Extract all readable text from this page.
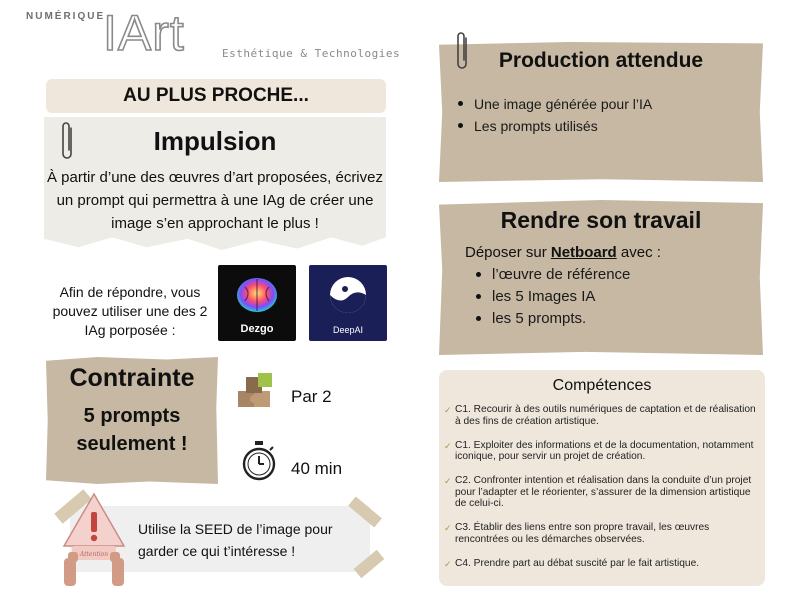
NUMÉRIQUE
IArt	Esthétique & Technologies
AU PLUS PROCHE...
Impulsion
À partir d’une des œuvres d’art proposées, écrivez un prompt qui permettra à une IAg de créer une image s’en approchant le plus !
Afin de répondre, vous pouvez utiliser une des 2 IAg porposée :	Dezgo	DeepAI
Contrainte
5 prompts seulement !
Par 2
40 min
Attention
Utilise la SEED de l’image pour garder ce qui t’intéresse !
Production attendue
Une image générée pour l’IA
Les prompts utilisés
Rendre son travail
Déposer sur Netboard avec :
l’œuvre de référence
les 5 Images IA
les 5 prompts.
Compétences
✓ C1. Recourir à des outils numériques de captation et de réalisation à des fins de création artistique.
✓ C1. Exploiter des informations et de la documentation, notamment iconique, pour servir un projet de création.
✓ C2. Confronter intention et réalisation dans la conduite d’un projet pour l’adapter et le réorienter, s’assurer de la dimension artistique de celui-ci.
✓ C3. Établir des liens entre son propre travail, les œuvres rencontrées ou les démarches observées.
✓ C4. Prendre part au débat suscité par le fait artistique.
